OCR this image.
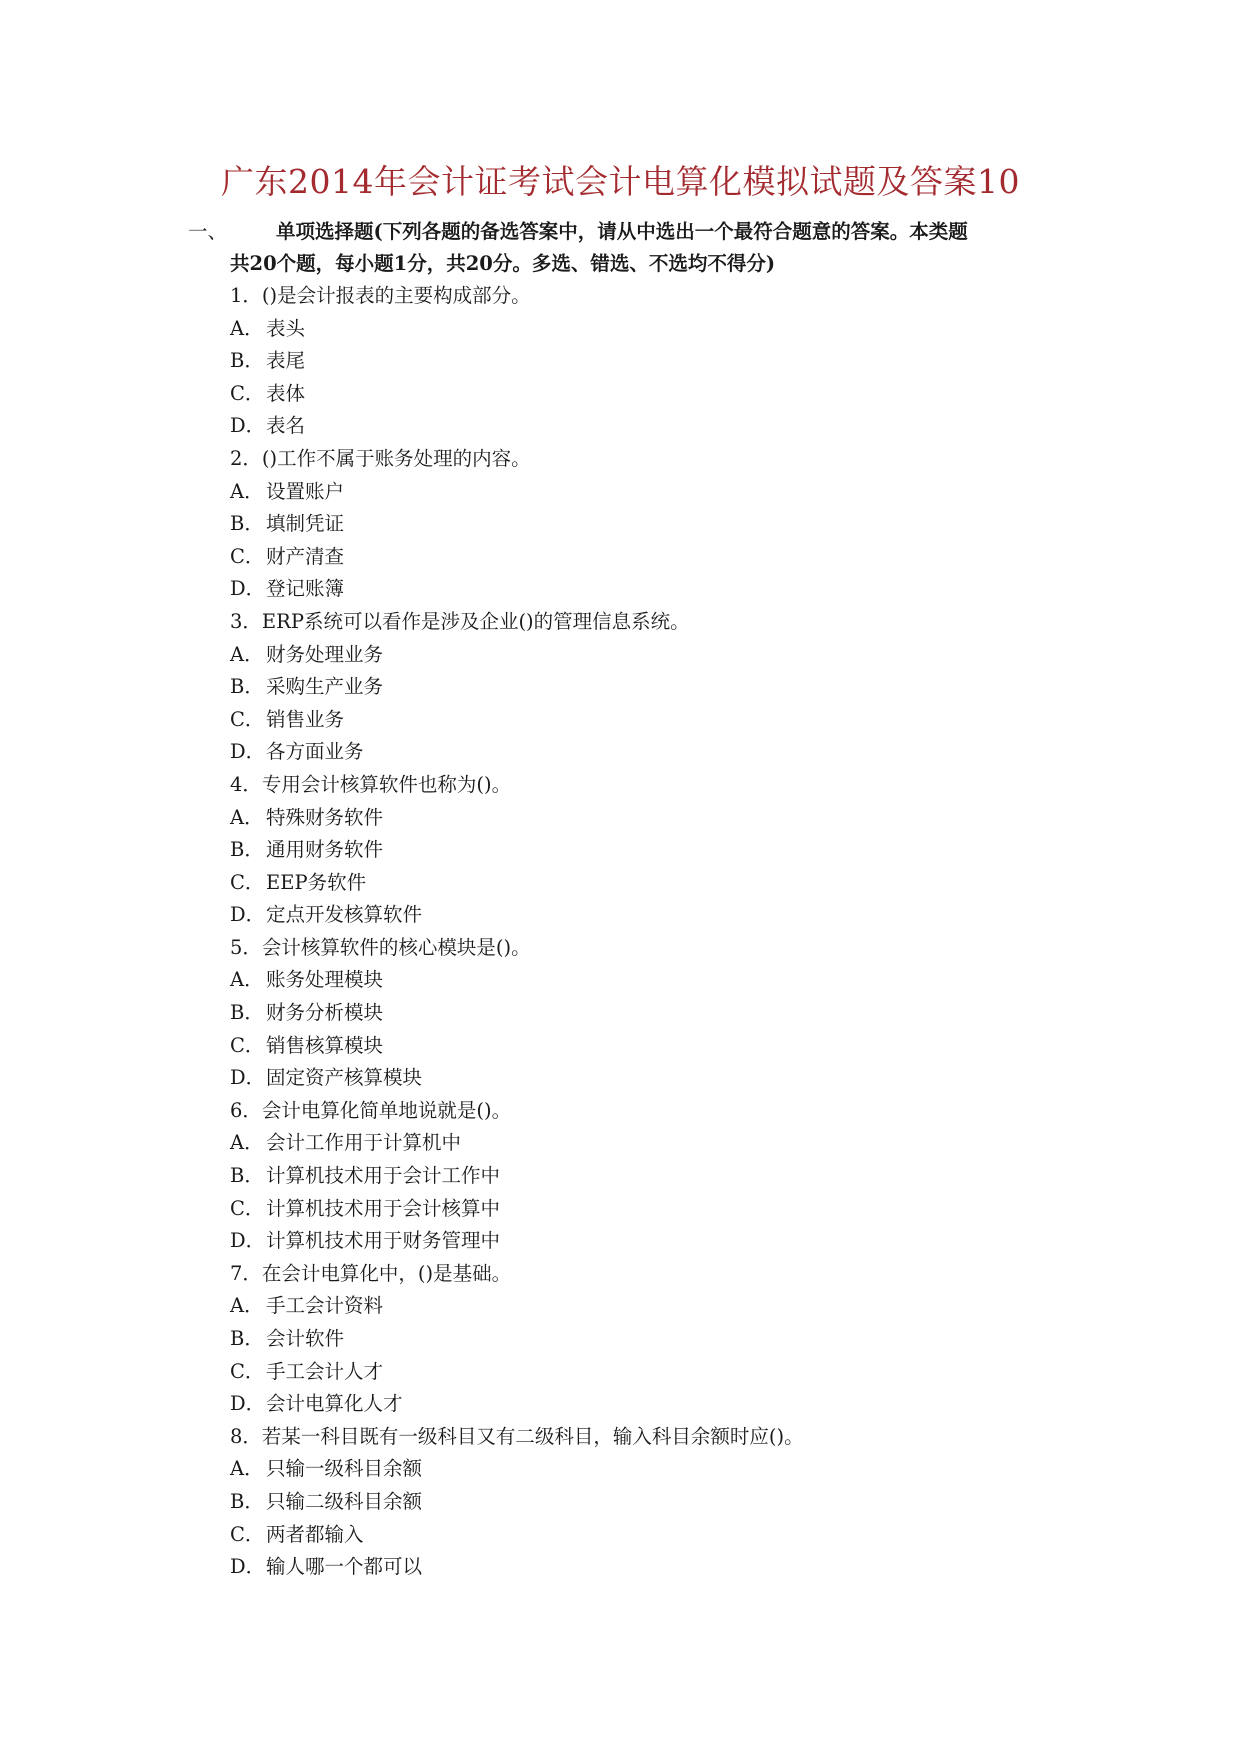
广东2014年会计证考试会计电算化模拟试题及答案10
一、	单项选择题(下列各题的备选答案中，请从中选出一个最符合题意的答案。本类题
共20个题，每小题1分，共20分。多选、错选、不选均不得分)
1．()是会计报表的主要构成部分。
A． 表头
B． 表尾
C．表体
D．表名
2．()工作不属于账务处理的内容。
A． 设置账户
B． 填制凭证
C．财产清查
D．登记账簿
3．ERP系统可以看作是涉及企业()的管理信息系统。
A． 财务处理业务
B． 采购生产业务
C．销售业务
D．各方面业务
4．专用会计核算软件也称为()。
A． 特殊财务软件
B． 通用财务软件
C．EEP务软件
D．定点开发核算软件
5．会计核算软件的核心模块是()。
A． 账务处理模块
B． 财务分析模块
C．销售核算模块
D．固定资产核算模块
6．会计电算化简单地说就是()。
A． 会计工作用于计算机中
B． 计算机技术用于会计工作中
C．计算机技术用于会计核算中
D．计算机技术用于财务管理中
7．在会计电算化中，()是基础。
A． 手工会计资料
B． 会计软件
C．手工会计人才
D．会计电算化人才
8．若某一科目既有一级科目又有二级科目，输入科目余额时应()。
A． 只输一级科目余额
B． 只输二级科目余额
C．两者都输入
D．输人哪一个都可以
